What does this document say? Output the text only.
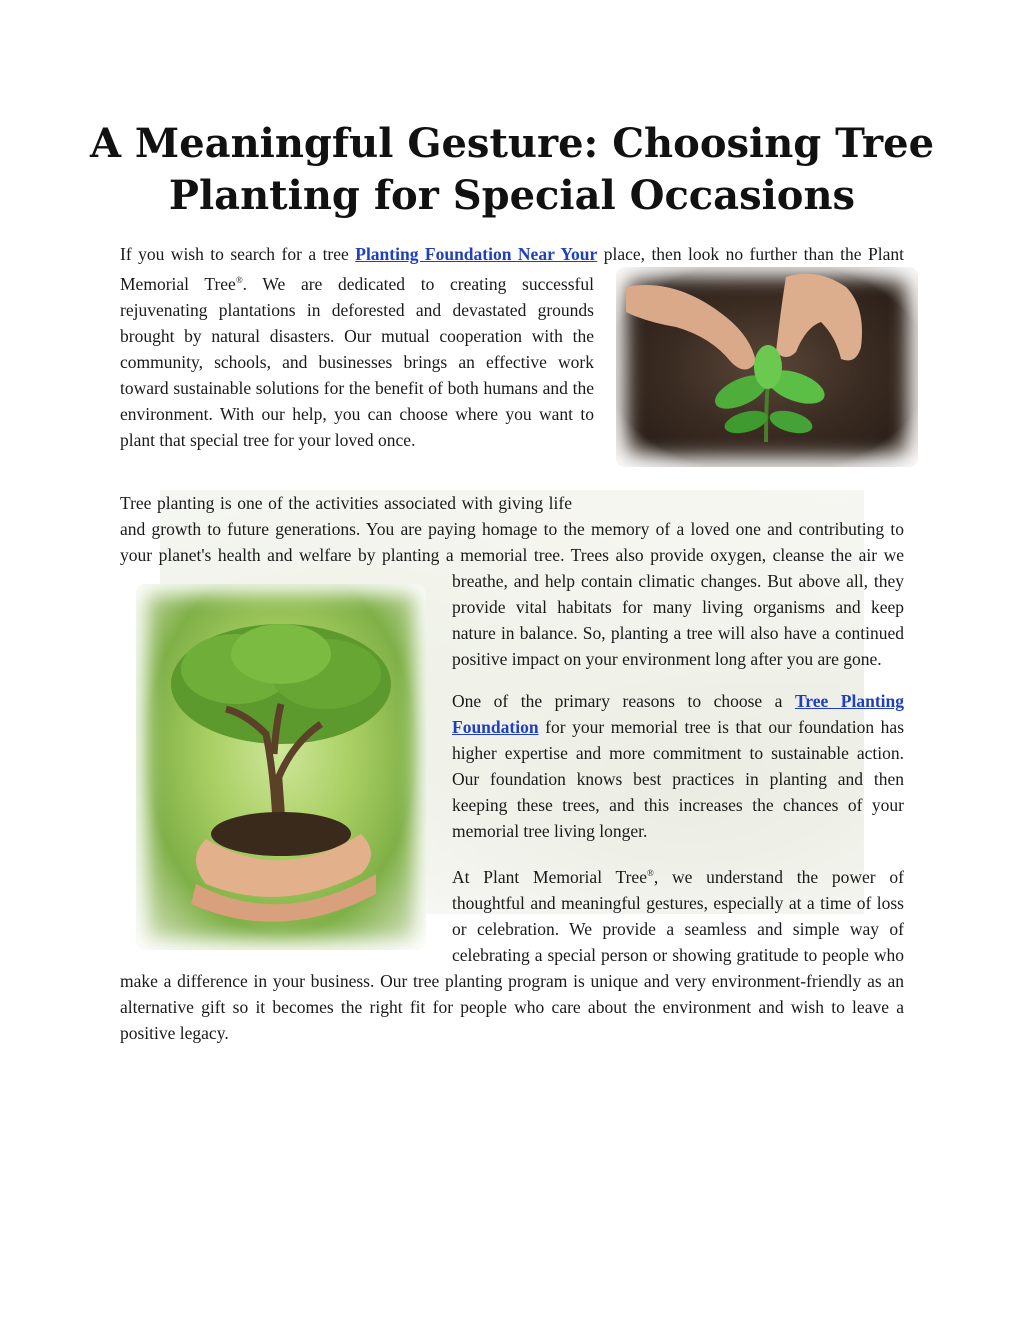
A Meaningful Gesture: Choosing Tree
Planting for Special Occasions

If you wish to search for a tree Planting Foundation Near Your place, then look no further than the Plant Memorial Tree®. We are dedicated to creating successful rejuvenating plantations in deforested and devastated grounds brought by natural disasters. Our mutual cooperation with the community, schools, and businesses brings an effective work toward sustainable solutions for the benefit of both humans and the environment. With our help, you can choose where you want to plant that special tree for your loved once.

Tree planting is one of the activities associated with giving life and growth to future generations. You are paying homage to the memory of a loved one and contributing to your planet's health and welfare by planting a memorial tree. Trees also provide oxygen, cleanse the air we breathe, and help contain climatic changes. But above all, they provide vital habitats for many living organisms and keep nature in balance. So, planting a tree will also have a continued positive impact on your environment long after you are gone.

One of the primary reasons to choose a Tree Planting Foundation for your memorial tree is that our foundation has higher expertise and more commitment to sustainable action. Our foundation knows best practices in planting and then keeping these trees, and this increases the chances of your memorial tree living longer.

At Plant Memorial Tree®, we understand the power of thoughtful and meaningful gestures, especially at a time of loss or celebration. We provide a seamless and simple way of celebrating a special person or showing gratitude to people who make a difference in your business. Our tree planting program is unique and very environment-friendly as an alternative gift so it becomes the right fit for people who care about the environment and wish to leave a positive legacy.
